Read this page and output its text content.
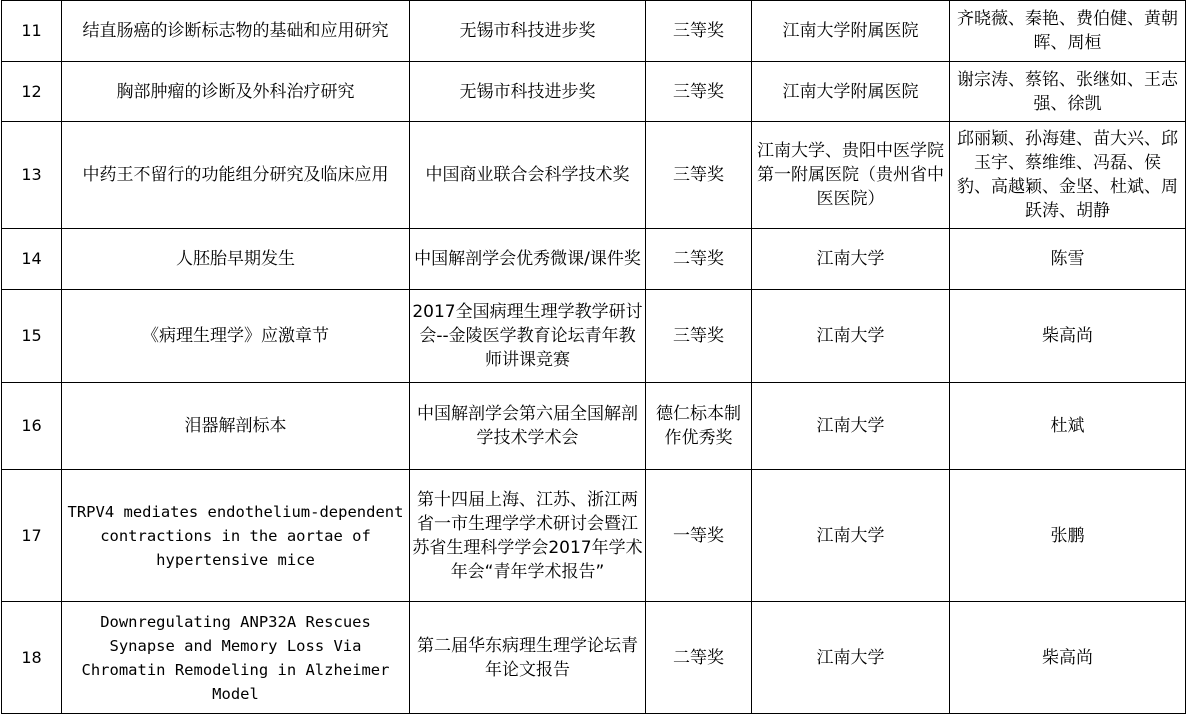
11	结直肠癌的诊断标志物的基础和应用研究	无锡市科技进步奖	三等奖	江南大学附属医院	齐晓薇、秦艳、费伯健、黄朝晖、周桓
12	胸部肿瘤的诊断及外科治疗研究	无锡市科技进步奖	三等奖	江南大学附属医院	谢宗涛、蔡铭、张继如、王志强、徐凯
13	中药王不留行的功能组分研究及临床应用	中国商业联合会科学技术奖	三等奖	江南大学、贵阳中医学院第一附属医院（贵州省中医医院）	邱丽颖、孙海建、苗大兴、邱玉宇、蔡维维、冯磊、侯　豹、高越颖、金坚、杜斌、周跃涛、胡静
14	人胚胎早期发生	中国解剖学会优秀微课/课件奖	二等奖	江南大学	陈雪
15	《病理生理学》应激章节	2017全国病理生理学教学研讨会--金陵医学教育论坛青年教师讲课竞赛	三等奖	江南大学	柴高尚
16	泪器解剖标本	中国解剖学会第六届全国解剖学技术学术会	德仁标本制作优秀奖	江南大学	杜斌
17	TRPV4 mediates endothelium-dependent contractions in the aortae of hypertensive mice	第十四届上海、江苏、浙江两省一市生理学学术研讨会暨江苏省生理科学学会2017年学术年会“青年学术报告”	一等奖	江南大学	张鹏
18	Downregulating ANP32A Rescues Synapse and Memory Loss Via Chromatin Remodeling in Alzheimer Model	第二届华东病理生理学论坛青年论文报告	二等奖	江南大学	柴高尚
